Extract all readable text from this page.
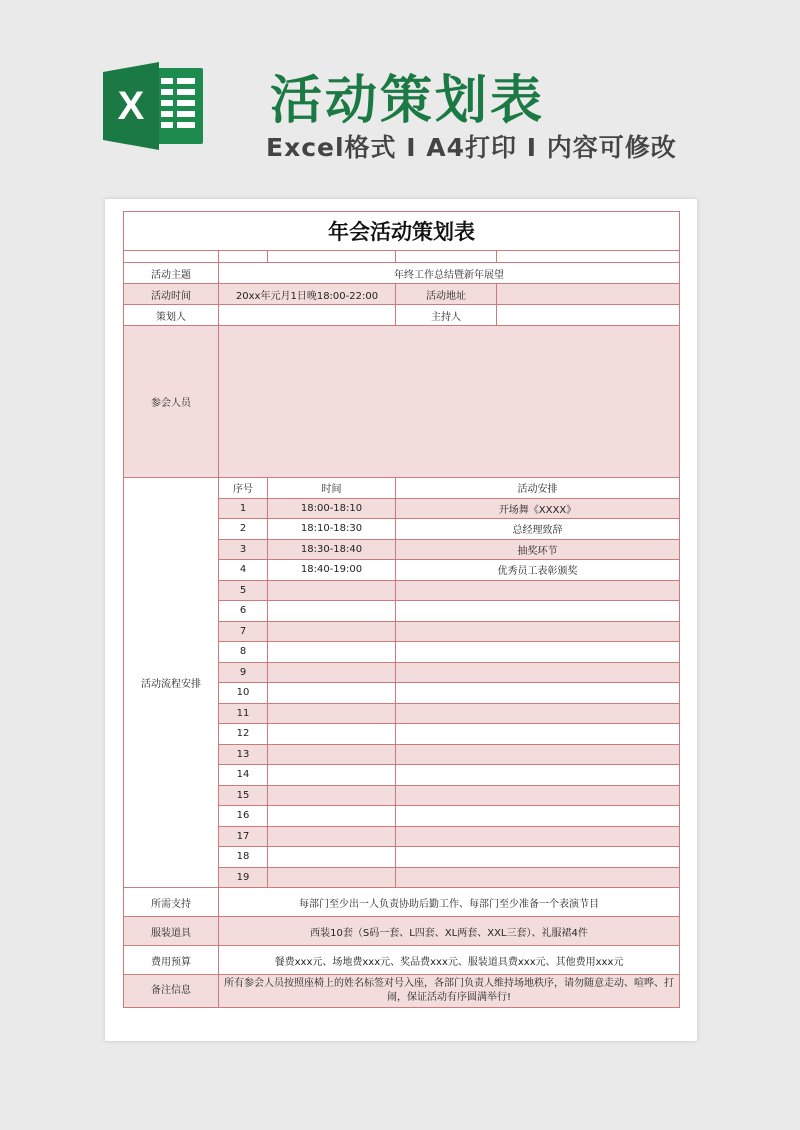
X 活动策划表
Excel格式 I A4打印 I 内容可修改
年会活动策划表				

活动主题	年终工作总结暨新年展望			
活动时间	20xx年元月1日晚18:00-22:00		活动地址	
策划人			主持人	
参会人员				
活动流程安排	序号	时间	活动安排	
	1	18:00-18:10	开场舞《XXXX》	
	2	18:10-18:30	总经理致辞	
	3	18:30-18:40	抽奖环节	
	4	18:40-19:00	优秀员工表彰颁奖	
	5			
	6			
	7			
	8			
	9			
	10			
	11			
	12			
	13			
	14			
	15			
	16			
	17			
	18			
	19			
所需支持	每部门至少出一人负责协助后勤工作、每部门至少准备一个表演节目			
服装道具	西装10套（S码一套、L四套、XL两套、XXL三套）、礼服裙4件			
费用预算	餐费xxx元、场地费xxx元、奖品费xxx元、服装道具费xxx元、其他费用xxx元			
备注信息	所有参会人员按照座椅上的姓名标签对号入座，各部门负责人维持场地秩序，请勿随意走动、喧哗、打闹，保证活动有序圆满举行!			
